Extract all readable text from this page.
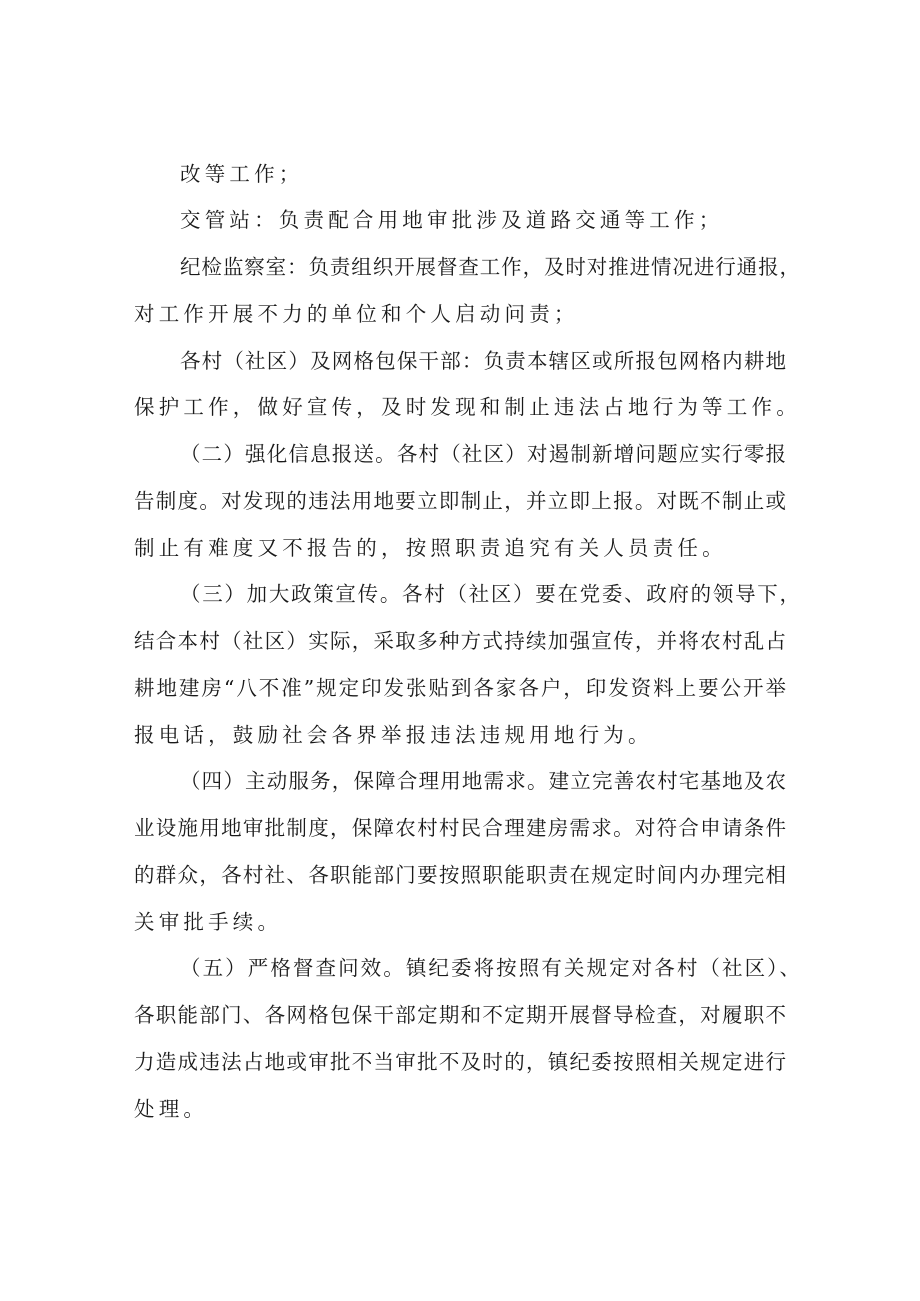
改等工作；

交管站：负责配合用地审批涉及道路交通等工作；

纪检监察室：负责组织开展督查工作，及时对推进情况进行通报，

对工作开展不力的单位和个人启动问责；

各村（社区）及网格包保干部：负责本辖区或所报包网格内耕地

保护工作，做好宣传，及时发现和制止违法占地行为等工作。

（二）强化信息报送。各村（社区）对遏制新增问题应实行零报

告制度。对发现的违法用地要立即制止，并立即上报。对既不制止或

制止有难度又不报告的，按照职责追究有关人员责任。

（三）加大政策宣传。各村（社区）要在党委、政府的领导下，

结合本村（社区）实际，采取多种方式持续加强宣传，并将农村乱占

耕地建房“八不准”规定印发张贴到各家各户，印发资料上要公开举

报电话，鼓励社会各界举报违法违规用地行为。

（四）主动服务，保障合理用地需求。建立完善农村宅基地及农

业设施用地审批制度，保障农村村民合理建房需求。对符合申请条件

的群众，各村社、各职能部门要按照职能职责在规定时间内办理完相

关审批手续。

（五）严格督查问效。镇纪委将按照有关规定对各村（社区）、

各职能部门、各网格包保干部定期和不定期开展督导检查，对履职不

力造成违法占地或审批不当审批不及时的，镇纪委按照相关规定进行

处理。
